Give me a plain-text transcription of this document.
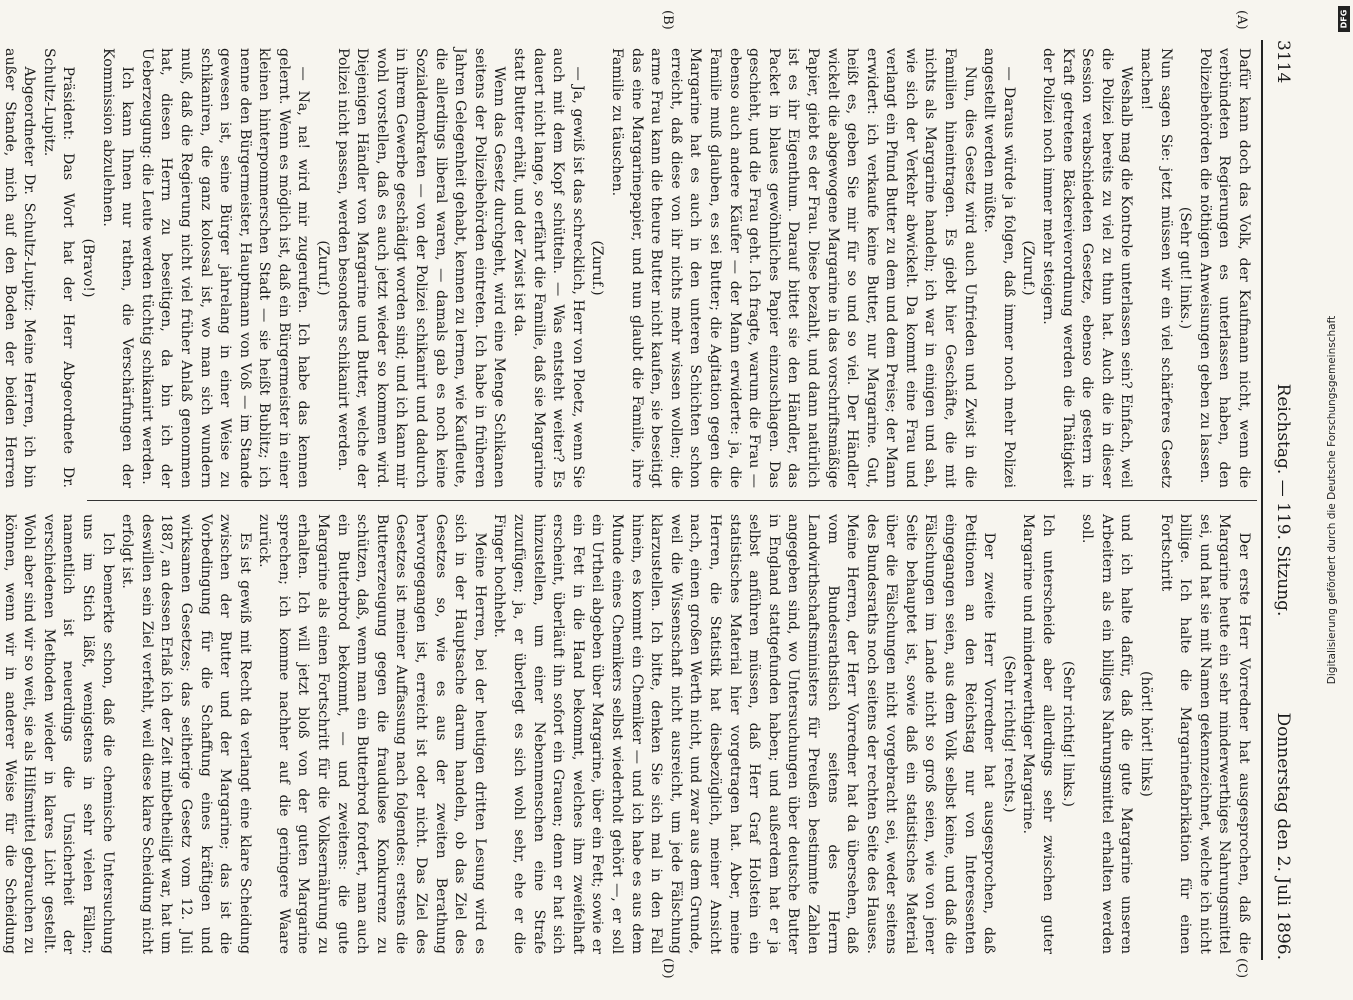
3114
Reichstag. — 119. Sitzung.
Donnerstag den 2. Juli 1896.
(A)
(B)
(C)
(D)

Dafür kann doch das Volk, der Kaufmann nicht, wenn die verbündeten Regierungen es unterlassen haben, den Polizeibehörden die nöthigen Anweisungen geben zu lassen.

(Sehr gut! links.)

Nun sagen Sie: jetzt müssen wir ein viel schärferes Gesetz machen!

Weshalb mag die Kontrole unterlassen sein? Einfach, weil die Polizei bereits zu viel zu thun hat. Auch die in dieser Session verabschiedeten Gesetze, ebenso die gestern in Kraft getretene Bäckereiverordnung werden die Thätigkeit der Polizei noch immer mehr steigern.

(Zuruf.)

— Daraus würde ja folgen, daß immer noch mehr Polizei angestellt werden müßte.

Nun, dies Gesetz wird auch Unfrieden und Zwist in die Familien hineintragen. Es giebt hier Geschäfte, die mit nichts als Margarine handeln; ich war in einigen und sah, wie sich der Verkehr abwickelt. Da kommt eine Frau und verlangt ein Pfund Butter zu dem und dem Preise; der Mann erwidert: ich verkaufe keine Butter, nur Margarine. Gut, heißt es, geben Sie mir für so und so viel. Der Händler wickelt die abgewogene Margarine in das vorschriftsmäßige Papier, giebt es der Frau. Diese bezahlt, und dann natürlich ist es ihr Eigenthum. Darauf bittet sie den Händler, das Packet in blaues gewöhnliches Papier einzuschlagen. Das geschieht, und die Frau geht. Ich fragte, warum die Frau — ebenso auch andere Käufer — der Mann erwiderte: ja, die Familie muß glauben, es sei Butter; die Agitation gegen die Margarine hat es auch in den unteren Schichten schon erreicht, daß diese von ihr nichts mehr wissen wollen; die arme Frau kann die theure Butter nicht kaufen, sie beseitigt das eine Margarinepapier, und nun glaubt die Familie, ihre Familie zu täuschen.

(Zuruf.)

— Ja, gewiß ist das schrecklich, Herr von Ploetz, wenn Sie auch mit dem Kopf schütteln. — Was entsteht weiter? Es dauert nicht lange, so erfährt die Familie, daß sie Margarine statt Butter erhält, und der Zwist ist da.

Wenn das Gesetz durchgeht, wird eine Menge Schikanen seitens der Polizeibehörden eintreten. Ich habe in früheren Jahren Gelegenheit gehabt, kennen zu lernen, wie Kaufleute, die allerdings liberal waren, — damals gab es noch keine Sozialdemokraten — von der Polizei schikanirt und dadurch in ihrem Gewerbe geschädigt worden sind; und ich kann mir wohl vorstellen, daß es auch jetzt wieder so kommen wird. Diejenigen Händler von Margarine und Butter, welche der Polizei nicht passen, werden besonders schikanirt werden.

(Zuruf.)

— Na, na! wird mir zugerufen. Ich habe das kennen gelernt. Wenn es möglich ist, daß ein Bürgermeister in einer kleinen hinterpommerschen Stadt — sie heißt Bublitz; ich nenne den Bürgermeister, Hauptmann von Voß — im Stande gewesen ist, seine Bürger jahrelang in einer Weise zu schikaniren, die ganz kolossal ist, wo man sich wundern muß, daß die Regierung nicht viel früher Anlaß genommen hat, diesen Herrn zu beseitigen, da bin ich der Ueberzeugung: die Leute werden tüchtig schikanirt werden.

Ich kann Ihnen nur rathen, die Verschärfungen der Kommission abzulehnen.

(Bravo!)

Präsident: Das Wort hat der Herr Abgeordnete Dr. Schultz-Lupitz.

Abgeordneter Dr. Schultz-Lupitz: Meine Herren, ich bin außer Stande, mich auf den Boden der beiden Herren

Der erste Herr Vorredner hat ausgesprochen, daß die Margarine heute ein sehr minderwerthiges Nahrungsmittel sei, und hat sie mit Namen gekennzeichnet, welche ich nicht billige. Ich halte die Margarinefabrikation für einen Fortschritt

(hört! hört! links)

und ich halte dafür, daß die gute Margarine unseren Arbeitern als ein billiges Nahrungsmittel erhalten werden soll.

(Sehr richtig! links.)

Ich unterscheide aber allerdings sehr zwischen guter Margarine und minderwerthiger Margarine.

(Sehr richtig! rechts.)

Der zweite Herr Vorredner hat ausgesprochen, daß Petitionen an den Reichstag nur von Interessenten eingegangen seien, aus dem Volk selbst keine, und daß die Fälschungen im Lande nicht so groß seien, wie von jener Seite behauptet ist, sowie daß ein statistisches Material über die Fälschungen nicht vorgebracht sei, weder seitens des Bundesraths noch seitens der rechten Seite des Hauses. Meine Herren, der Herr Vorredner hat da übersehen, daß vom Bundesrathstisch seitens des Herrn Landwirthschaftsministers für Preußen bestimmte Zahlen angegeben sind, wo Untersuchungen über deutsche Butter in England stattgefunden haben; und außerdem hat er ja selbst anführen müssen, daß Herr Graf Holstein ein statistisches Material hier vorgetragen hat. Aber, meine Herren, die Statistik hat diesbezüglich, meiner Ansicht nach, einen großen Werth nicht, und zwar aus dem Grunde, weil die Wissenschaft nicht ausreicht, um jede Fälschung klarzustellen. Ich bitte, denken Sie sich mal in den Fall hinein, es kommt ein Chemiker — und ich habe es aus dem Munde eines Chemikers selbst wiederholt gehört —, er soll ein Urtheil abgeben über Margarine, über ein Fett; sowie er ein Fett in die Hand bekommt, welches ihm zweifelhaft erscheint, überläuft ihn sofort ein Grauen; denn er hat sich hinzustellen, um einer Nebenmenschen eine Strafe zuzufügen; ja, er überlegt es sich wohl sehr, ehe er die Finger hochhebt.

Meine Herren, bei der heutigen dritten Lesung wird es sich in der Hauptsache darum handeln, ob das Ziel des Gesetzes so, wie es aus der zweiten Berathung hervorgegangen ist, erreicht ist oder nicht. Das Ziel des Gesetzes ist meiner Auffassung nach folgendes: erstens die Buttererzeugung gegen die frauduløse Konkurrenz zu schützen, daß, wenn man ein Butterbrod fordert, man auch ein Butterbrod bekommt, — und zweitens: die gute Margarine als einen Fortschritt für die Volksernährung zu erhalten. Ich will jetzt bloß von der guten Margarine sprechen; ich komme nachher auf die geringere Waare zurück.

Es ist gewiß mit Recht da verlangt eine klare Scheidung zwischen der Butter und der Margarine; das ist die Vorbedingung für die Schaffung eines kräftigen und wirksamen Gesetzes; das seitherige Gesetz vom 12. Juli 1887, an dessen Erlaß ich der Zeit mitbetheiligt war, hat um deswillen sein Ziel verfehlt, weil diese klare Scheidung nicht erfolgt ist.

Ich bemerkte schon, daß die chemische Untersuchung uns im Stich läßt, wenigstens in sehr vielen Fällen; namentlich ist neuerdings die Unsicherheit der verschiedenen Methoden wieder in klares Licht gestellt. Wohl aber sind wir so weit, sie als Hilfsmittel gebrauchen zu können, wenn wir in anderer Weise für die Scheidung

Digitalisierung gefördert durch die Deutsche Forschungsgemeinschaft
DFG
